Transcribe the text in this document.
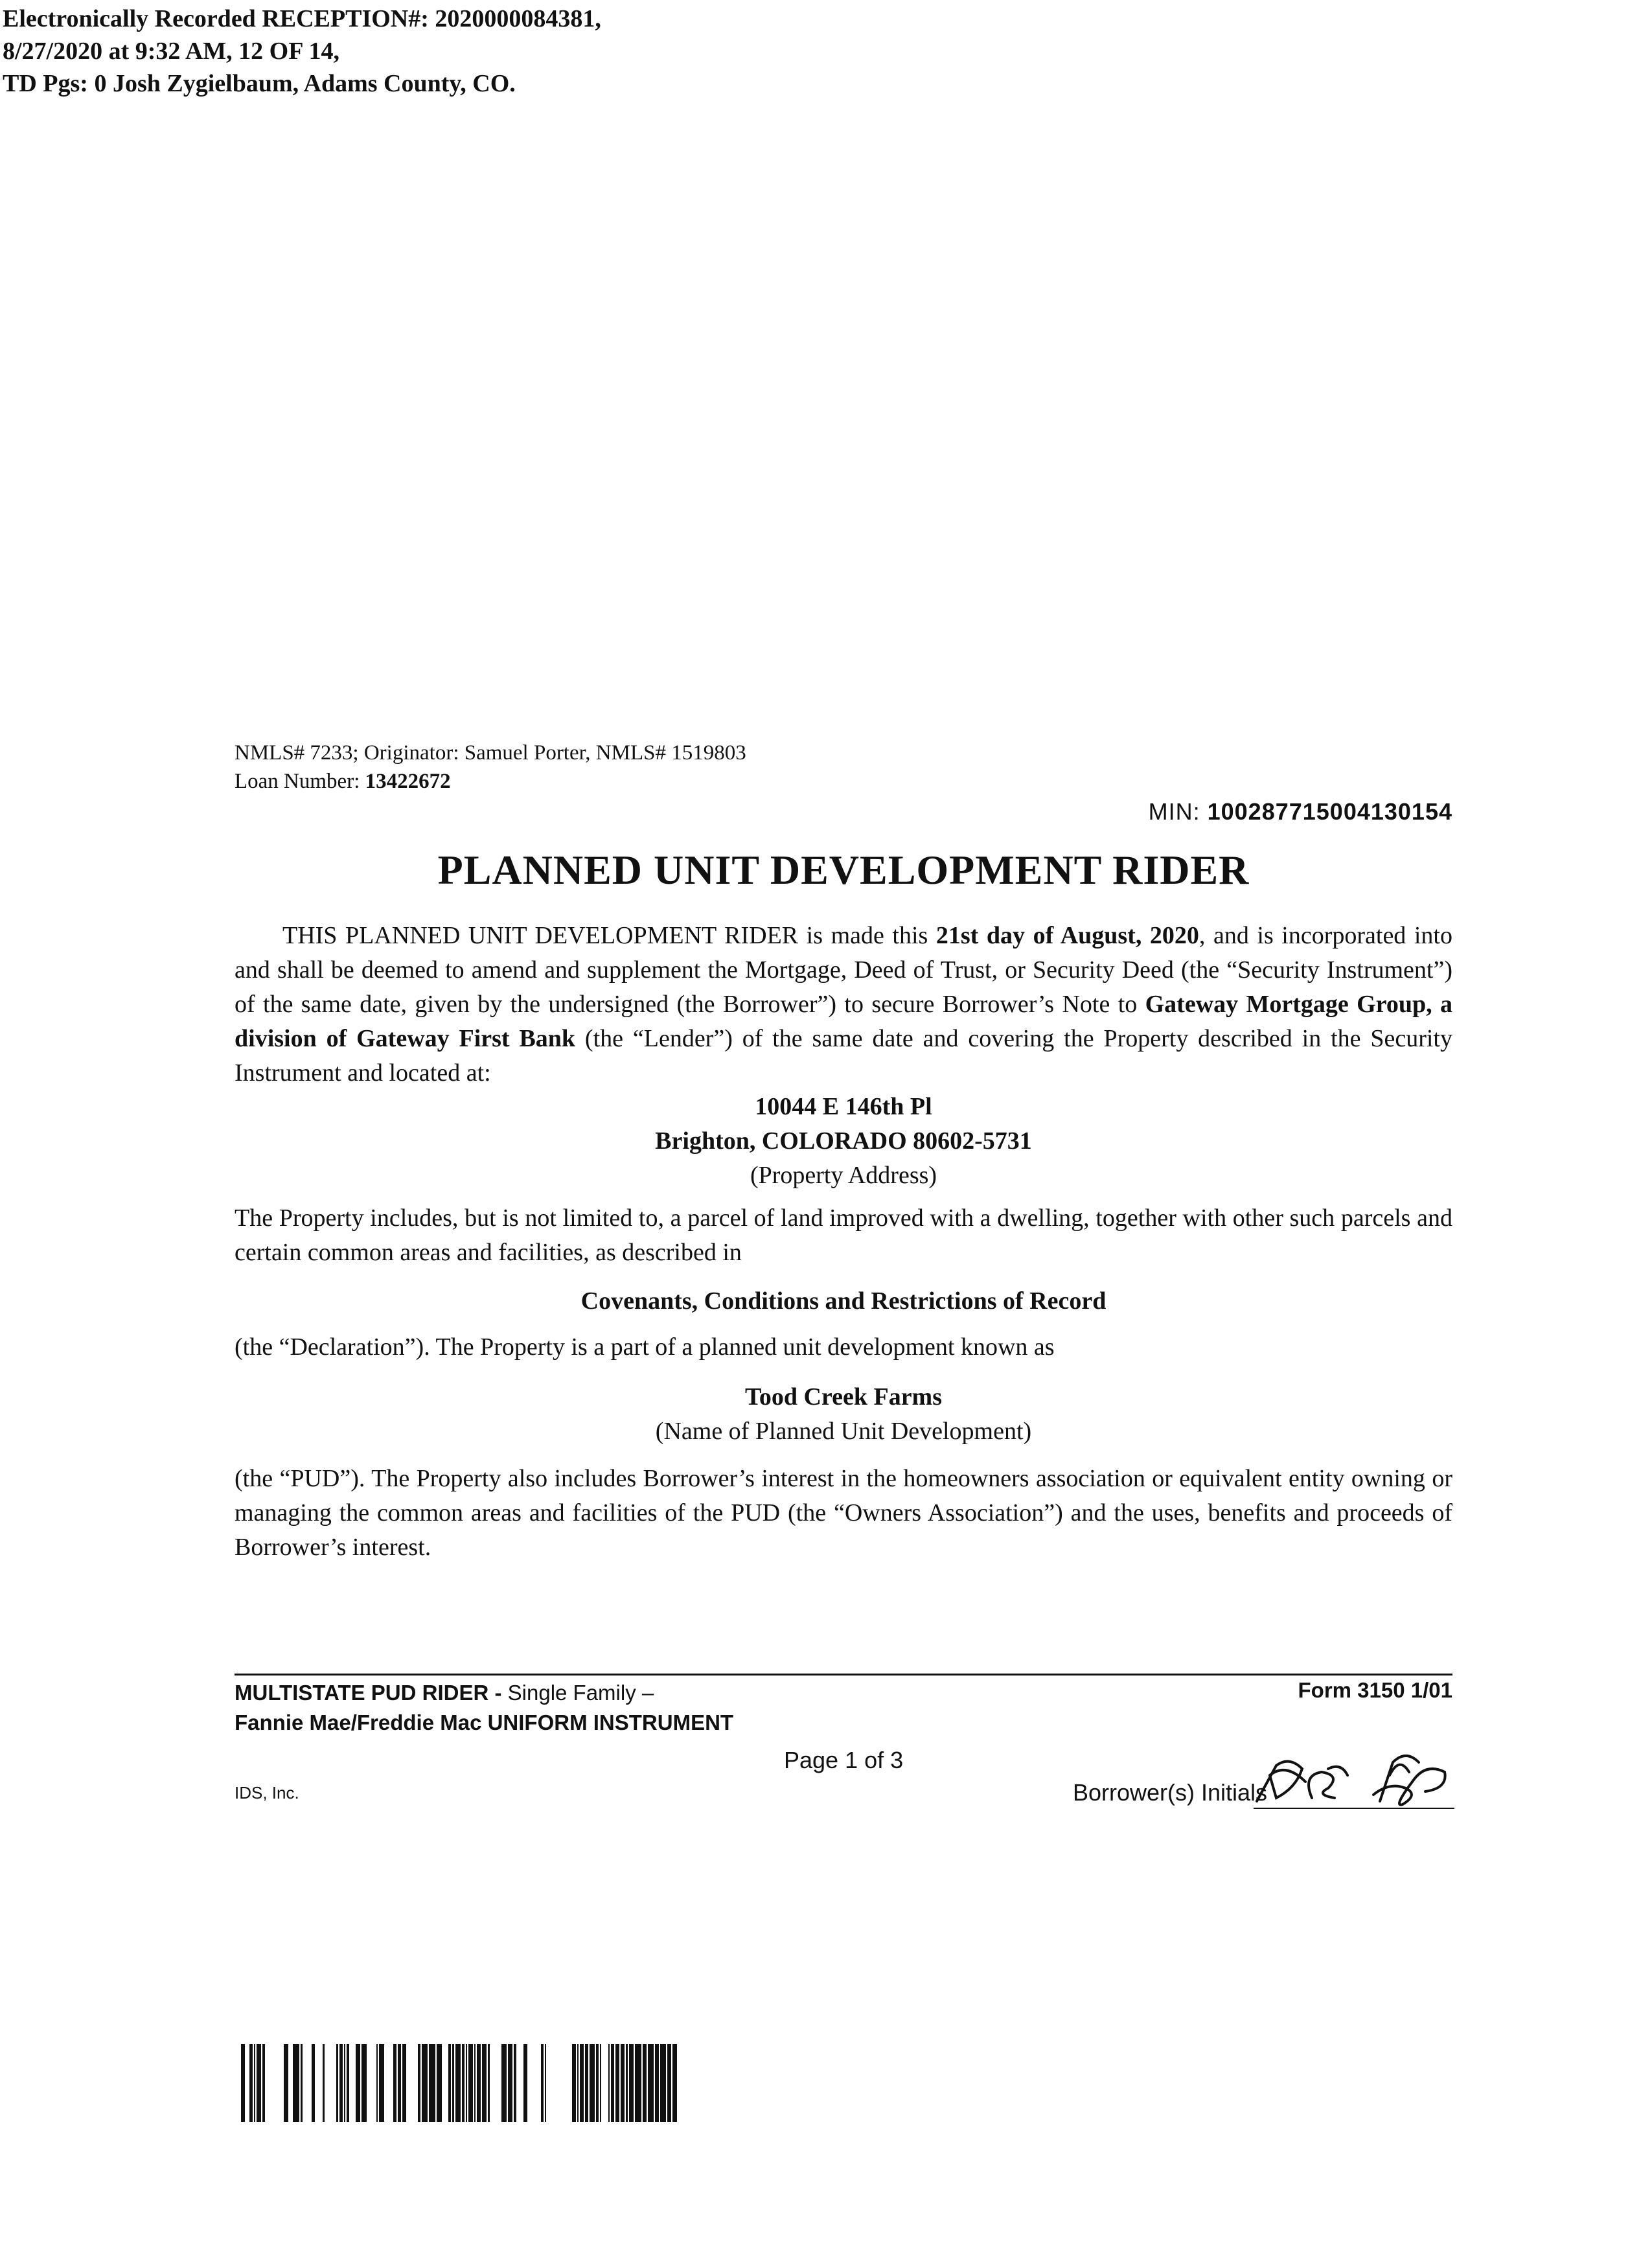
Electronically Recorded RECEPTION#: 2020000084381,
8/27/2020 at 9:32 AM, 12 OF 14,
TD Pgs: 0 Josh Zygielbaum, Adams County, CO.
NMLS# 7233; Originator: Samuel Porter, NMLS# 1519803
Loan Number: 13422672
MIN: 100287715004130154
PLANNED UNIT DEVELOPMENT RIDER
THIS PLANNED UNIT DEVELOPMENT RIDER is made this 21st day of August, 2020, and is incorporated into and shall be deemed to amend and supplement the Mortgage, Deed of Trust, or Security Deed (the “Security Instrument”) of the same date, given by the undersigned (the Borrower”) to secure Borrower’s Note to Gateway Mortgage Group, a division of Gateway First Bank (the “Lender”) of the same date and covering the Property described in the Security Instrument and located at:
10044 E 146th Pl
Brighton, COLORADO 80602-5731
(Property Address)
The Property includes, but is not limited to, a parcel of land improved with a dwelling, together with other such parcels and certain common areas and facilities, as described in
Covenants, Conditions and Restrictions of Record
(the “Declaration”). The Property is a part of a planned unit development known as
Tood Creek Farms
(Name of Planned Unit Development)
(the “PUD”). The Property also includes Borrower’s interest in the homeowners association or equivalent entity owning or managing the common areas and facilities of the PUD (the “Owners Association”) and the uses, benefits and proceeds of Borrower’s interest.
MULTISTATE PUD RIDER - Single Family –
Fannie Mae/Freddie Mac UNIFORM INSTRUMENT
Form 3150 1/01
Page 1 of 3
IDS, Inc.	Borrower(s) Initials
